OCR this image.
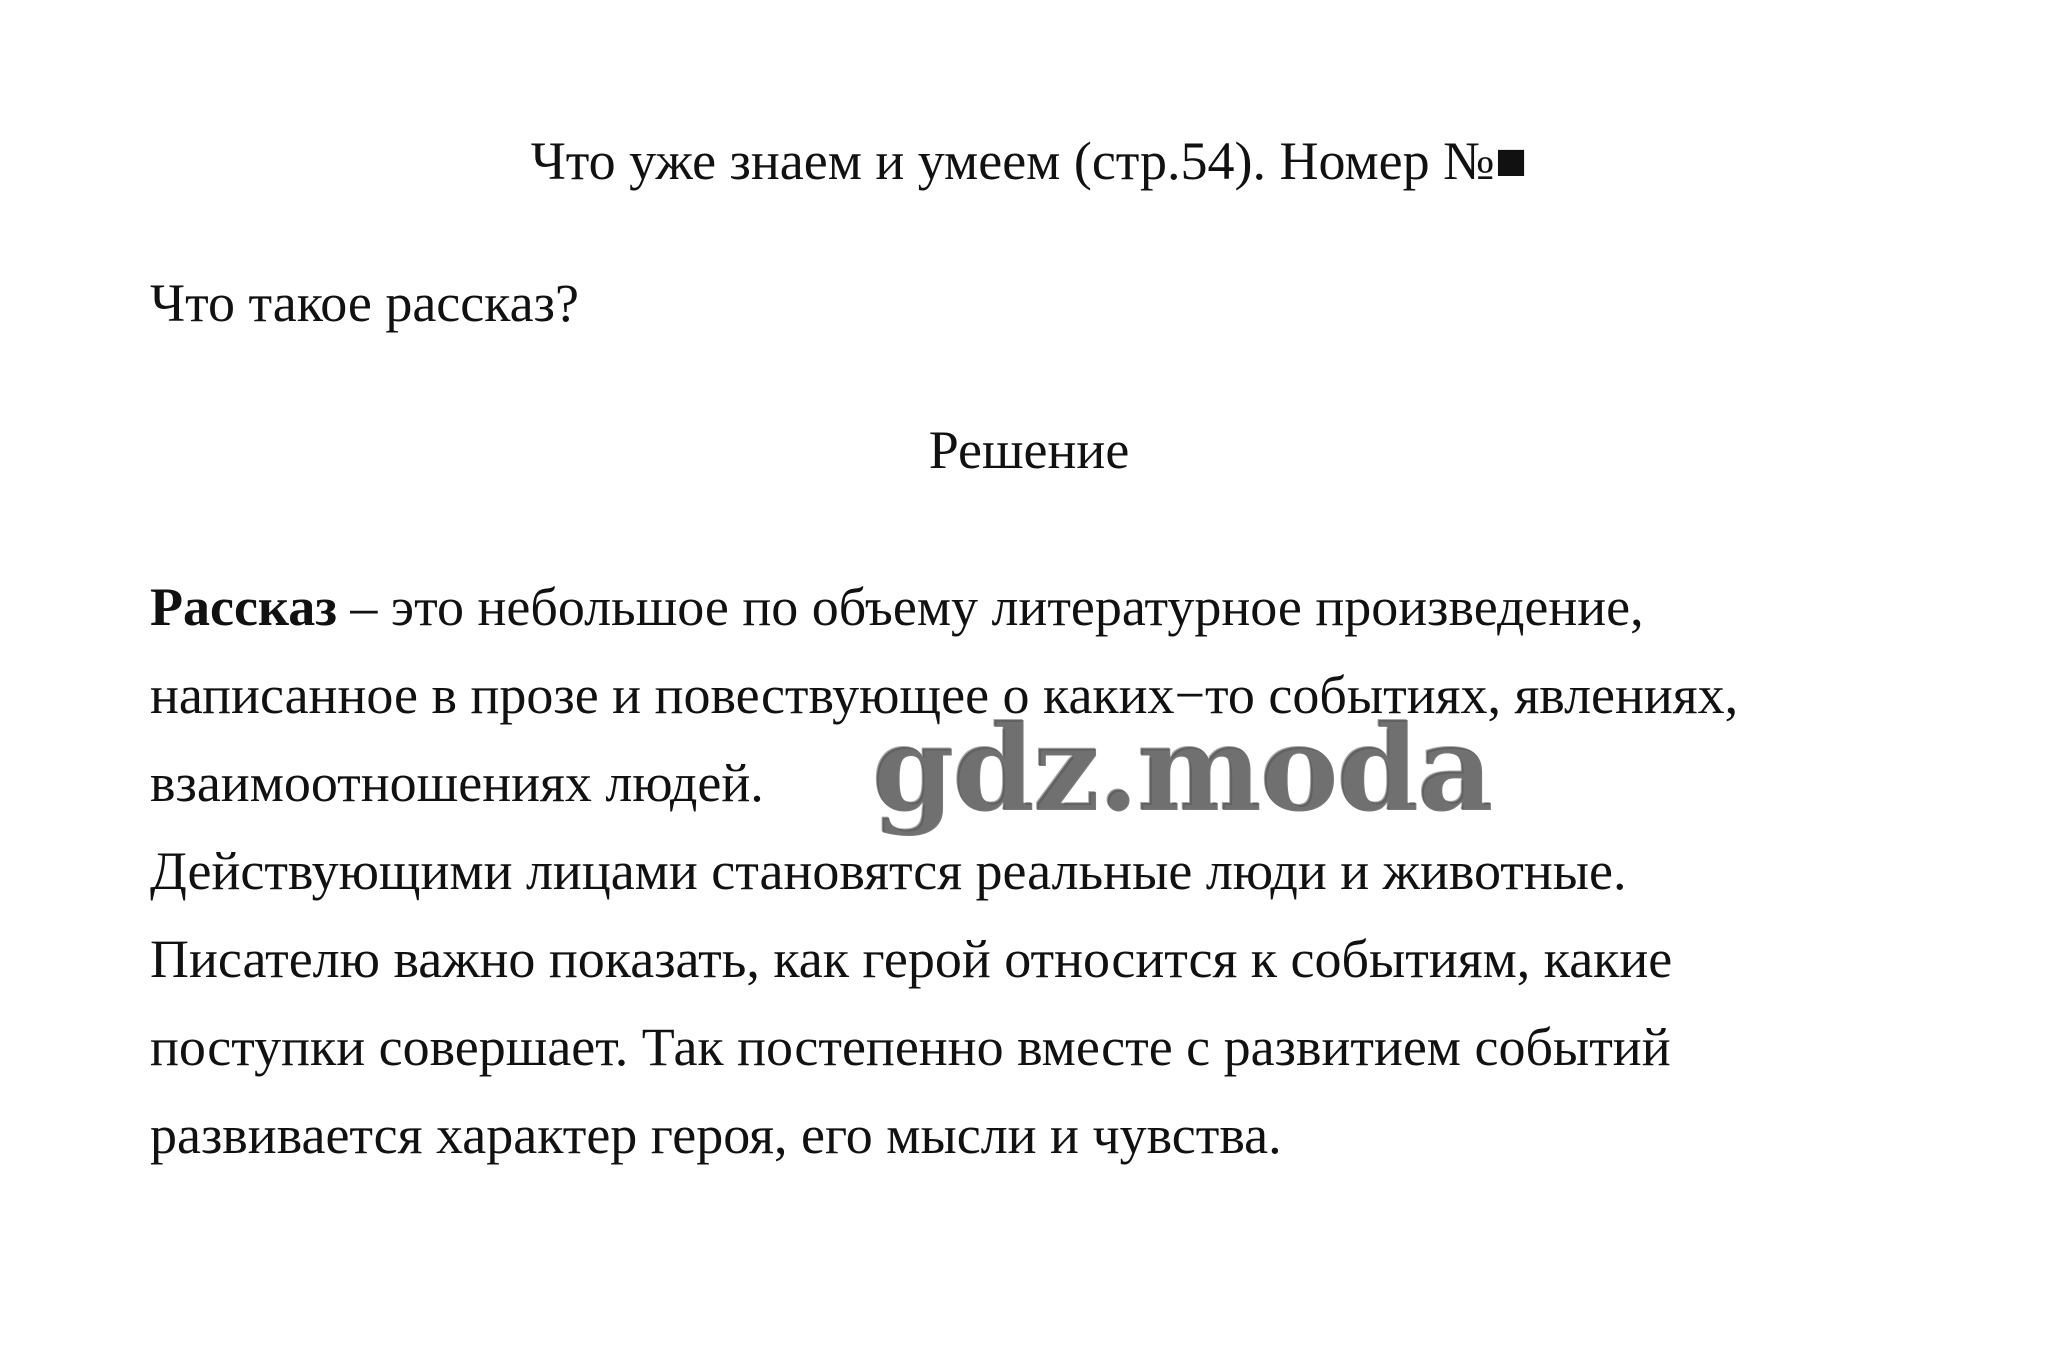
Что уже знаем и умеем (стр.54). Номер №■
Что такое рассказ?
Решение
Рассказ – это небольшое по объему литературное произведение,
написанное в прозе и повествующее о каких−то событиях, явлениях,
взаимоотношениях людей.
Действующими лицами становятся реальные люди и животные.
Писателю важно показать, как герой относится к событиям, какие
поступки совершает. Так постепенно вместе с развитием событий
развивается характер героя, его мысли и чувства.
gdz.moda
